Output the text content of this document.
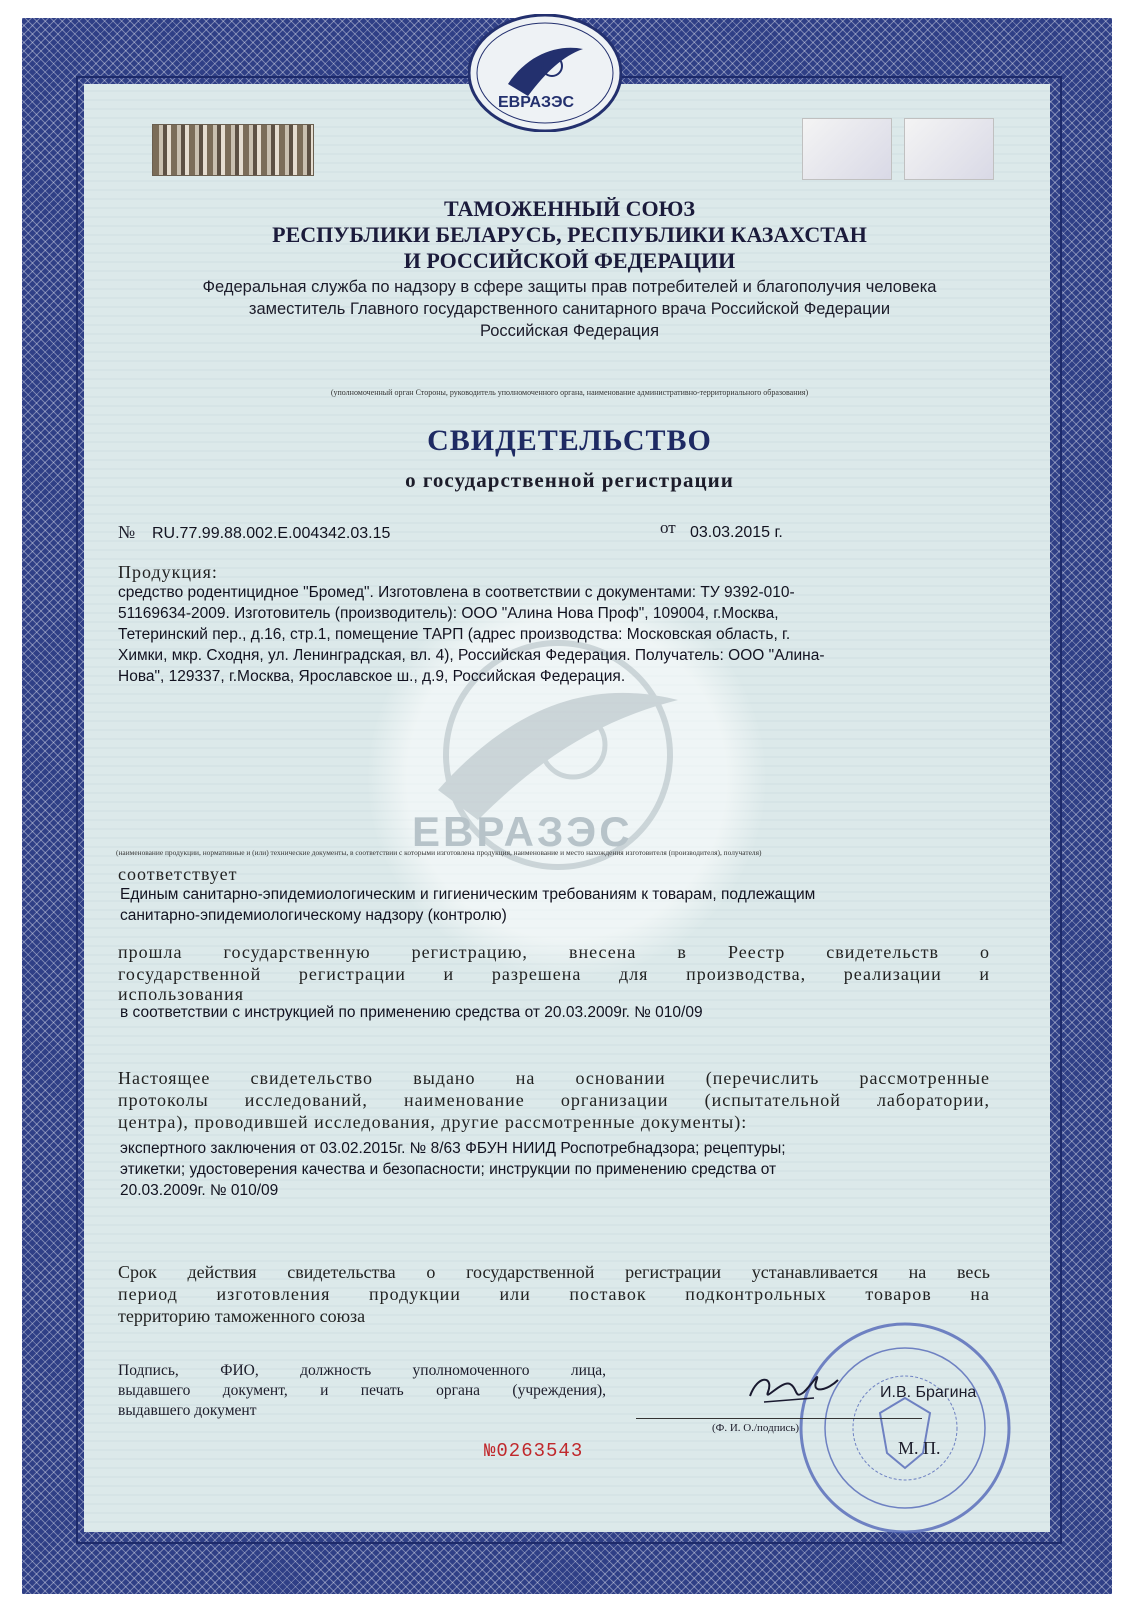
ЕВРАЗЭС
ЕВРАЗЭС
ТАМОЖЕННЫЙ СОЮЗ
РЕСПУБЛИКИ БЕЛАРУСЬ, РЕСПУБЛИКИ КАЗАХСТАН
И РОССИЙСКОЙ ФЕДЕРАЦИИ
Федеральная служба по надзору в сфере защиты прав потребителей и благополучия человека
заместитель Главного государственного санитарного врача Российской Федерации
Российская Федерация
(уполномоченный орган Стороны, руководитель уполномоченного органа, наименование административно-территориального образования)
СВИДЕТЕЛЬСТВО
о государственной регистрации
№ RU.77.99.88.002.Е.004342.03.15	от 03.03.2015 г.
Продукция:
средство родентицидное "Бромед". Изготовлена в соответствии с документами: ТУ 9392-010-
51169634-2009. Изготовитель (производитель): ООО "Алина Нова Проф", 109004, г.Москва,
Тетеринский пер., д.16, стр.1, помещение ТАРП (адрес производства: Московская область, г.
Химки, мкр. Сходня, ул. Ленинградская, вл. 4), Российская Федерация. Получатель: ООО "Алина-
Нова", 129337, г.Москва, Ярославское ш., д.9, Российская Федерация.
(наименование продукции, нормативные и (или) технические документы, в соответствии с которыми изготовлена продукция, наименование и место нахождения изготовителя (производителя), получателя)
соответствует
Единым санитарно-эпидемиологическим и гигиеническим требованиям к товарам, подлежащим
санитарно-эпидемиологическому надзору (контролю)
прошла государственную регистрацию, внесена в Реестр свидетельств о
государственной регистрации и разрешена для производства, реализации и
использования
в соответствии с инструкцией по применению средства от 20.03.2009г. № 010/09
Настоящее свидетельство выдано на основании (перечислить рассмотренные
протоколы исследований, наименование организации (испытательной лаборатории,
центра), проводившей исследования, другие рассмотренные документы):
экспертного заключения от 03.02.2015г. № 8/63 ФБУН НИИД Роспотребнадзора; рецептуры;
этикетки; удостоверения качества и безопасности; инструкции по применению средства от
20.03.2009г. № 010/09
Срок действия свидетельства о государственной регистрации устанавливается на весь
период изготовления продукции или поставок подконтрольных товаров на
территорию таможенного союза
Подпись, ФИО, должность уполномоченного лица,
выдавшего документ, и печать органа (учреждения),
выдавшего документ
И.В. Брагина
(Ф. И. О./подпись)
М. П.
№0263543
